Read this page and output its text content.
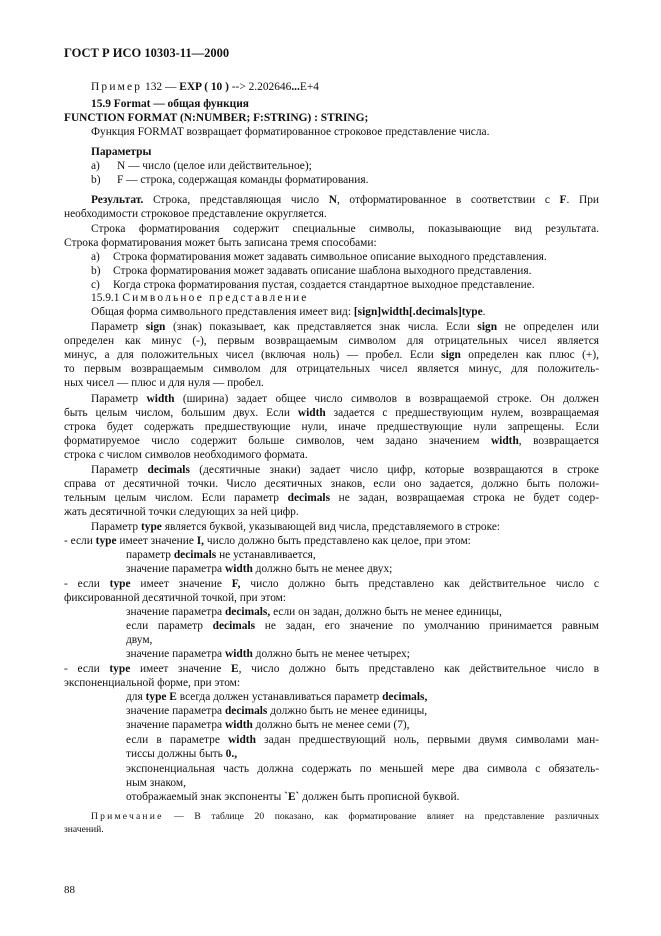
ГОСТ Р ИСО 10303-11—2000
Пример 132 — EXP ( 10 ) --> 2.202646...E+4
15.9 Format — общая функция
FUNCTION FORMAT (N:NUMBER; F:STRING) : STRING;
Функция FORMAT возвращает форматированное строковое представление числа.
Параметры
а) N — число (целое или действительное);
b) F — строка, содержащая команды форматирования.
Результат. Строка, представляющая число N, отформатированное в соответствии с F. При
необходимости строковое представление округляется.
Строка форматирования содержит специальные символы, показывающие вид результата.
Строка форматирования может быть записана тремя способами:
а) Строка форматирования может задавать символьное описание выходного представления.
b) Строка форматирования может задавать описание шаблона выходного представления.
c) Когда строка форматирования пустая, создается стандартное выходное представление.
15.9.1 Символьное представление
Общая форма символьного представления имеет вид: [sign]width[.decimals]type.
Параметр sign (знак) показывает, как представляется знак числа. Если sign не определен или
определен как минус (-), первым возвращаемым символом для отрицательных чисел является
минус, а для положительных чисел (включая ноль) — пробел. Если sign определен как плюс (+),
то первым возвращаемым символом для отрицательных чисел является минус, для положитель-
ных чисел — плюс и для нуля — пробел.
Параметр width (ширина) задает общее число символов в возвращаемой строке. Он должен
быть целым числом, большим двух. Если width задается с предшествующим нулем, возвращаемая
строка будет содержать предшествующие нули, иначе предшествующие нули запрещены. Если
форматируемое число содержит больше символов, чем задано значением width, возвращается
строка с числом символов необходимого формата.
Параметр decimals (десятичные знаки) задает число цифр, которые возвращаются в строке
справа от десятичной точки. Число десятичных знаков, если оно задается, должно быть положи-
тельным целым числом. Если параметр decimals не задан, возвращаемая строка не будет содер-
жать десятичной точки следующих за ней цифр.
Параметр type является буквой, указывающей вид числа, представляемого в строке:
- если type имеет значение I, число должно быть представлено как целое, при этом:
параметр decimals не устанавливается,
значение параметра width должно быть не менее двух;
- если type имеет значение F, число должно быть представлено как действительное число с
фиксированной десятичной точкой, при этом:
значение параметра decimals, если он задан, должно быть не менее единицы,
если параметр decimals не задан, его значение по умолчанию принимается равным
двум,
значение параметра width должно быть не менее четырех;
- если type имеет значение E, число должно быть представлено как действительное число в
экспоненциальной форме, при этом:
для type E всегда должен устанавливаться параметр decimals,
значение параметра decimals должно быть не менее единицы,
значение параметра width должно быть не менее семи (7),
если в параметре width задан предшествующий ноль, первыми двумя символами ман-
тиссы должны быть 0.,
экспоненциальная часть должна содержать по меньшей мере два символа с обязатель-
ным знаком,
отображаемый знак экспоненты `E` должен быть прописной буквой.
Примечание — В таблице 20 показано, как форматирование влияет на представление различных
значений.
88
